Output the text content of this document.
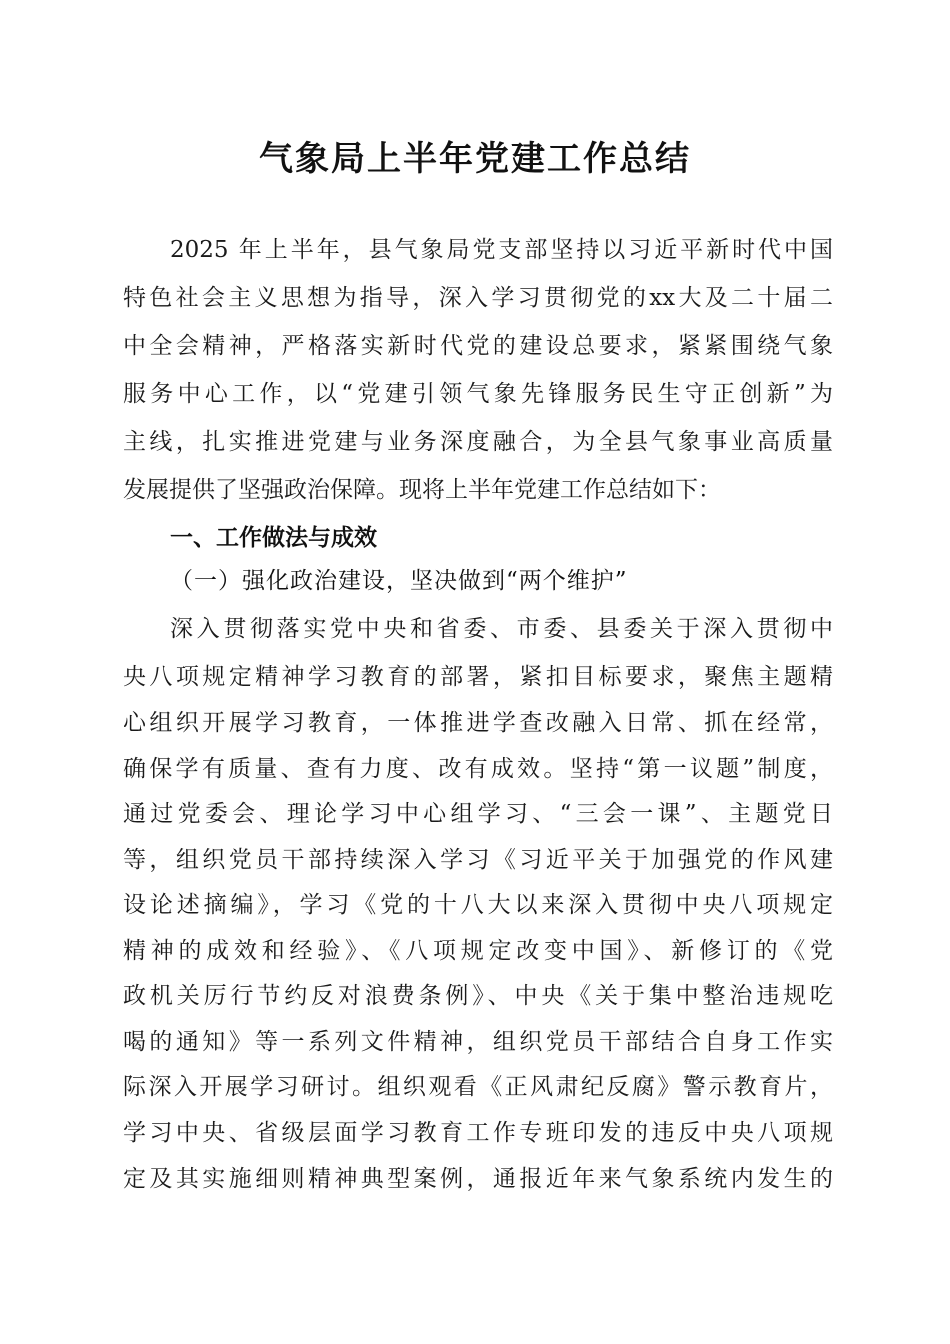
气象局上半年党建工作总结
2025 年上半年，县气象局党支部坚持以习近平新时代中国
特色社会主义思想为指导，深入学习贯彻党的xx大及二十届二
中全会精神，严格落实新时代党的建设总要求，紧紧围绕气象
服务中心工作，以“党建引领气象先锋服务民生守正创新”为
主线，扎实推进党建与业务深度融合，为全县气象事业高质量
发展提供了坚强政治保障。现将上半年党建工作总结如下：
一、工作做法与成效
（一）强化政治建设，坚决做到“两个维护”
深入贯彻落实党中央和省委、市委、县委关于深入贯彻中
央八项规定精神学习教育的部署，紧扣目标要求，聚焦主题精
心组织开展学习教育，一体推进学查改融入日常、抓在经常，
确保学有质量、查有力度、改有成效。坚持“第一议题”制度，
通过党委会、理论学习中心组学习、“三会一课”、主题党日
等，组织党员干部持续深入学习《习近平关于加强党的作风建
设论述摘编》，学习《党的十八大以来深入贯彻中央八项规定
精神的成效和经验》、《八项规定改变中国》、新修订的《党
政机关厉行节约反对浪费条例》、中央《关于集中整治违规吃
喝的通知》等一系列文件精神，组织党员干部结合自身工作实
际深入开展学习研讨。组织观看《正风肃纪反腐》警示教育片，
学习中央、省级层面学习教育工作专班印发的违反中央八项规
定及其实施细则精神典型案例，通报近年来气象系统内发生的
